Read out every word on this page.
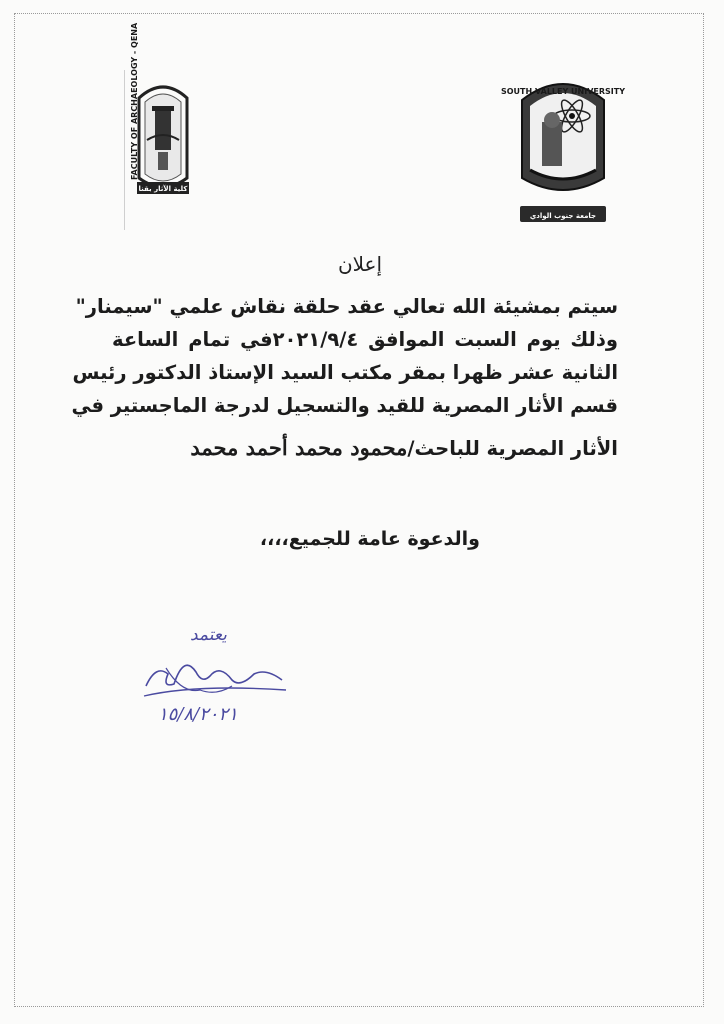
FACULTY OF ARCHAEOLOGY - QENA
كلية الآثار بقنا
SOUTH VALLEY UNIVERSITY
جامعة جنوب الوادي
إعلان

سيتم بمشيئة الله تعالي عقد حلقة نقاش علمي "سيمنار"

وذلك يوم السبت الموافق ٢٠٢١/٩/٤في تمام الساعة

الثانية عشر ظهرا بمقر مكتب السيد الإستاذ الدكتور رئيس

قسم الأثار المصرية للقيد والتسجيل لدرجة الماجستير في

الأثار المصرية للباحث/محمود محمد أحمد محمد

والدعوة عامة للجميع،،،،
يعتمد
١٥/٨/٢٠٢١
